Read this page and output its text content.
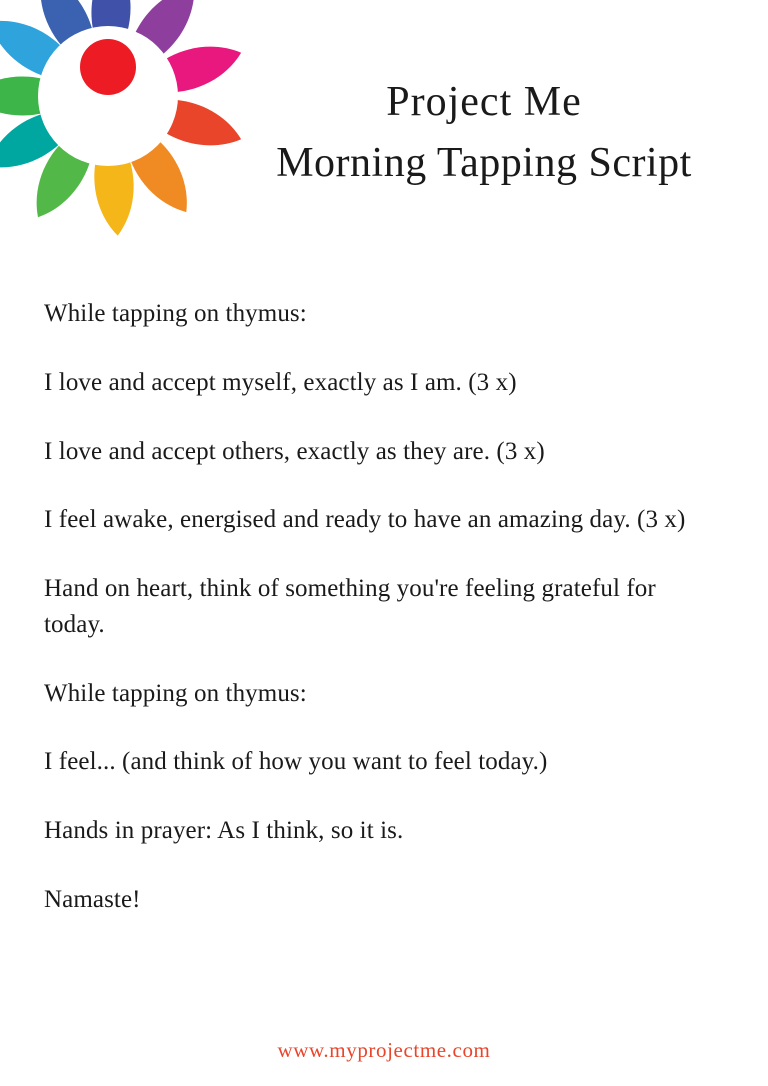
Project Me
Morning Tapping Script

While tapping on thymus:

I love and accept myself, exactly as I am. (3 x)

I love and accept others, exactly as they are. (3 x)

I feel awake, energised and ready to have an amazing day. (3 x)

Hand on heart, think of something you're feeling grateful for today.

While tapping on thymus:

I feel... (and think of how you want to feel today.)

Hands in prayer: As I think, so it is.

Namaste!

www.myprojectme.com
